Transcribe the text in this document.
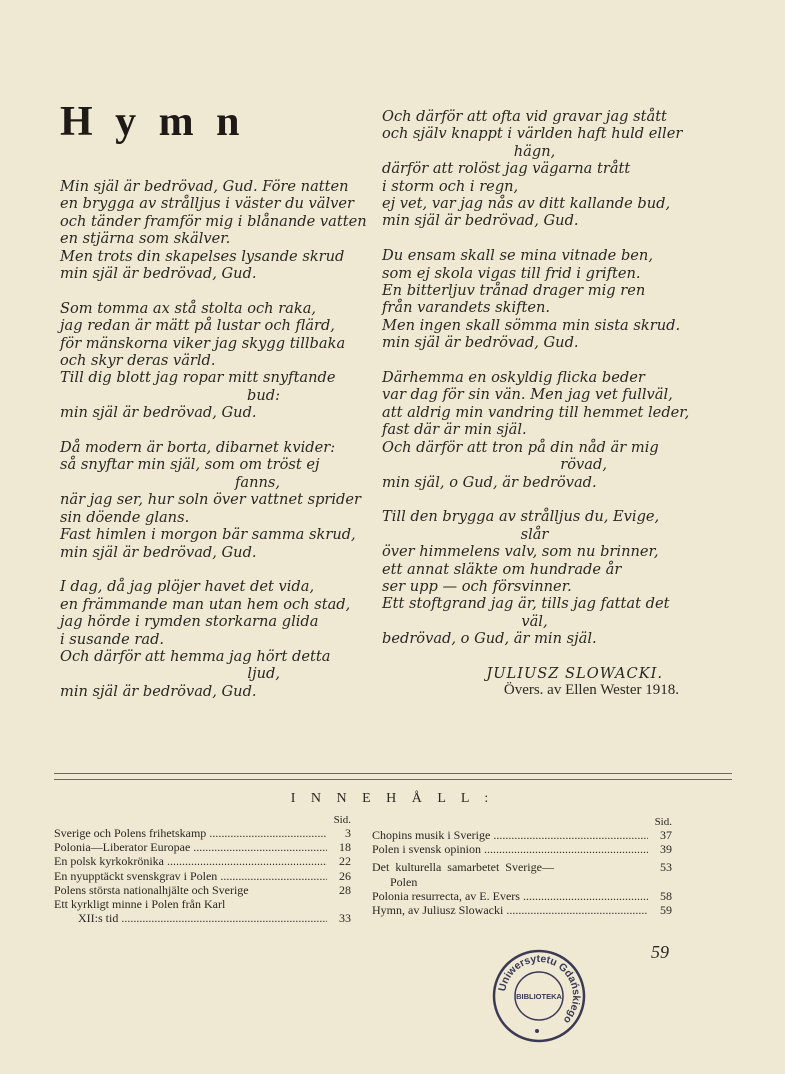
H y m n
Min själ är bedrövad, Gud. Före natten
en brygga av strålljus i väster du välver
och tänder framför mig i blånande vatten
en stjärna som skälver.
Men trots din skapelses lysande skrud
min själ är bedrövad, Gud.
Som tomma ax stå stolta och raka,
jag redan är mätt på lustar och flärd,
för mänskorna viker jag skygg tillbaka
och skyr deras värld.
Till dig blott jag ropar mitt snyftande
bud:
min själ är bedrövad, Gud.
Då modern är borta, dibarnet kvider:
så snyftar min själ, som om tröst ej
fanns,
när jag ser, hur soln över vattnet sprider
sin döende glans.
Fast himlen i morgon bär samma skrud,
min själ är bedrövad, Gud.
I dag, då jag plöjer havet det vida,
en främmande man utan hem och stad,
jag hörde i rymden storkarna glida
i susande rad.
Och därför att hemma jag hört detta
ljud,
min själ är bedrövad, Gud.
Och därför att ofta vid gravar jag stått
och själv knappt i världen haft huld eller
hägn,
därför att rolöst jag vägarna trått
i storm och i regn,
ej vet, var jag nås av ditt kallande bud,
min själ är bedrövad, Gud.
Du ensam skall se mina vitnade ben,
som ej skola vigas till frid i griften.
En bitterljuv trånad drager mig ren
från varandets skiften.
Men ingen skall sömma min sista skrud.
min själ är bedrövad, Gud.
Därhemma en oskyldig flicka beder
var dag för sin vän. Men jag vet fullväl,
att aldrig min vandring till hemmet leder,
fast där är min själ.
Och därför att tron på din nåd är mig
rövad,
min själ, o Gud, är bedrövad.
Till den brygga av strålljus du, Evige,
slår
över himmelens valv, som nu brinner,
ett annat släkte om hundrade år
ser upp — och försvinner.
Ett stoftgrand jag är, tills jag fattat det
väl,
bedrövad, o Gud, är min själ.
JULIUSZ SLOWACKI.
Övers. av Ellen Wester 1918.
I N N E H Å L L :
Sid.
Sverige och Polens frihetskamp .....	3
Polonia—Liberator Europae .....	18
En polsk kyrkokrönika .....	22
En nyupptäckt svenskgrav i Polen .....	26
Polens största nationalhjälte och Sverige	28
Ett kyrkligt minne i Polen från Karl
XII:s tid .....	33
Sid.
Chopins musik i Sverige .....	37
Polen i svensk opinion .....	39
Det  kulturella  samarbetet  Sverige—	53
Polen
Polonia resurrecta, av E. Evers .....	58
Hymn, av Juliusz Slowacki .....	59
59
Uniwersytetu Gdańskiego
BIBLIOTEKA
